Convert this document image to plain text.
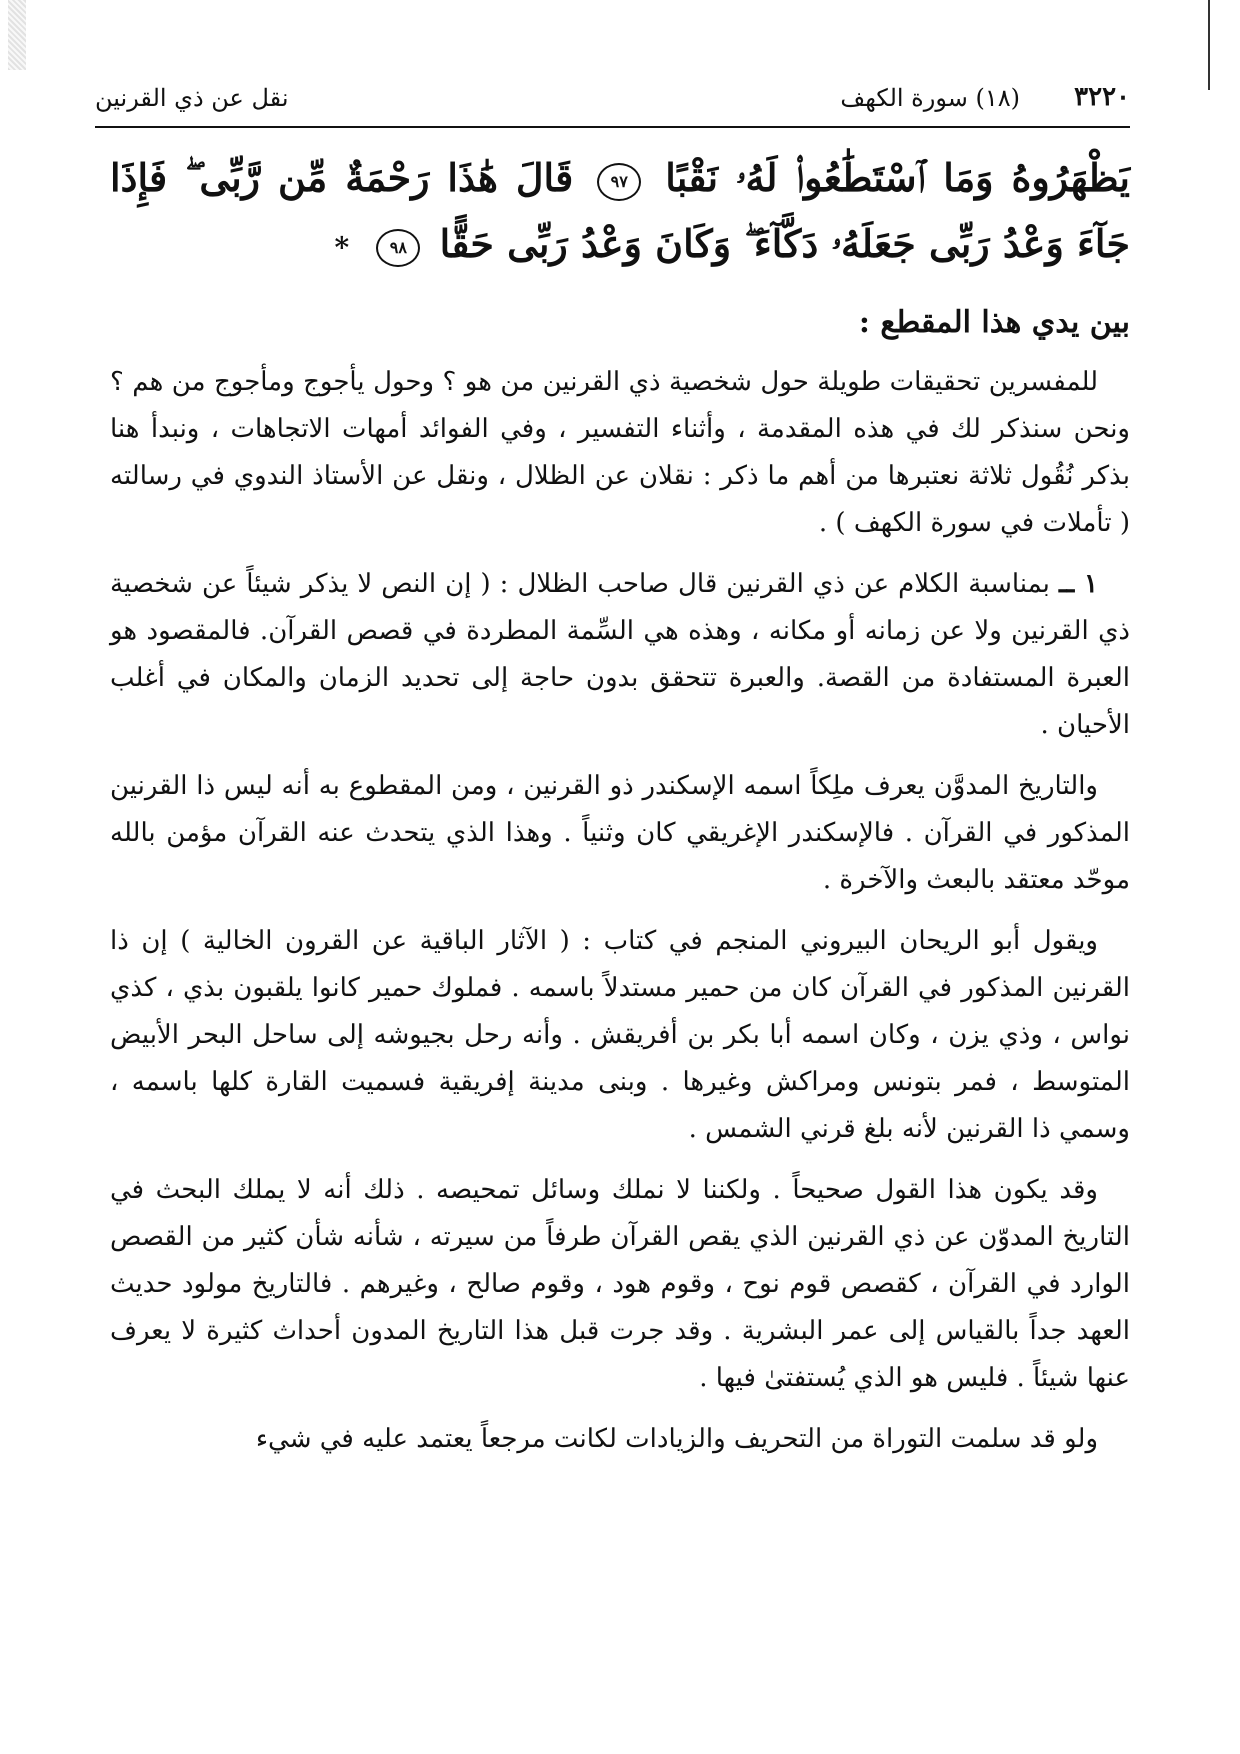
٣٢٢٠
(١٨) سورة الكهف
نقل عن ذي القرنين
يَظْهَرُوهُ وَمَا ٱسْتَطَٰعُوا۟ لَهُۥ نَقْبًا ٩٧ قَالَ هَٰذَا رَحْمَةٌ مِّن رَّبِّى ۖ فَإِذَا جَآءَ وَعْدُ رَبِّى جَعَلَهُۥ دَكَّآءَ ۖ وَكَانَ وَعْدُ رَبِّى حَقًّا ٩٨ *
بين يدي هذا المقطع :

للمفسرين تحقيقات طويلة حول شخصية ذي القرنين من هو ؟ وحول يأجوج ومأجوج من هم ؟ ونحن سنذكر لك في هذه المقدمة ، وأثناء التفسير ، وفي الفوائد أمهات الاتجاهات ، ونبدأ هنا بذكر نُقُول ثلاثة نعتبرها من أهم ما ذكر : نقلان عن الظلال ، ونقل عن الأستاذ الندوي في رسالته ( تأملات في سورة الكهف ) .

١ ــ بمناسبة الكلام عن ذي القرنين قال صاحب الظلال : ( إن النص لا يذكر شيئاً عن شخصية ذي القرنين ولا عن زمانه أو مكانه ، وهذه هي السِّمة المطردة في قصص القرآن. فالمقصود هو العبرة المستفادة من القصة. والعبرة تتحقق بدون حاجة إلى تحديد الزمان والمكان في أغلب الأحيان .

والتاريخ المدوَّن يعرف ملِكاً اسمه الإسكندر ذو القرنين ، ومن المقطوع به أنه ليس ذا القرنين المذكور في القرآن . فالإسكندر الإغريقي كان وثنياً . وهذا الذي يتحدث عنه القرآن مؤمن بالله موحّد معتقد بالبعث والآخرة .

ويقول أبو الريحان البيروني المنجم في كتاب : ( الآثار الباقية عن القرون الخالية ) إن ذا القرنين المذكور في القرآن كان من حمير مستدلاً باسمه . فملوك حمير كانوا يلقبون بذي ، كذي نواس ، وذي يزن ، وكان اسمه أبا بكر بن أفريقش . وأنه رحل بجيوشه إلى ساحل البحر الأبيض المتوسط ، فمر بتونس ومراكش وغيرها . وبنى مدينة إفريقية فسميت القارة كلها باسمه ، وسمي ذا القرنين لأنه بلغ قرني الشمس .

وقد يكون هذا القول صحيحاً . ولكننا لا نملك وسائل تمحيصه . ذلك أنه لا يملك البحث في التاريخ المدوّن عن ذي القرنين الذي يقص القرآن طرفاً من سيرته ، شأنه شأن كثير من القصص الوارد في القرآن ، كقصص قوم نوح ، وقوم هود ، وقوم صالح ، وغيرهم . فالتاريخ مولود حديث العهد جداً بالقياس إلى عمر البشرية . وقد جرت قبل هذا التاريخ المدون أحداث كثيرة لا يعرف عنها شيئاً . فليس هو الذي يُستفتىٰ فيها .

ولو قد سلمت التوراة من التحريف والزيادات لكانت مرجعاً يعتمد عليه في شيء
